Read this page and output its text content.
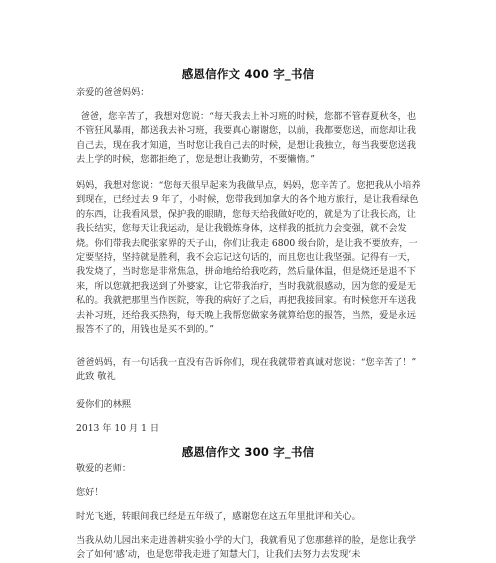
感恩信作文 400 字_书信
亲爱的爸爸妈妈：
爸爸，您辛苦了，我想对您说：“每天我去上补习班的时候，您都不管春夏秋冬，也不管狂风暴雨，都送我去补习班，我要真心谢谢您，以前，我都要您送，而您却让我自己去，现在我才知道，当时您让我自己去的时候，是想让我独立，每当我要您送我去上学的时候，您都拒绝了，您是想让我勤劳，不要懒惰。”
妈妈，我想对您说：“您每天很早起来为我做早点，妈妈，您辛苦了。您把我从小培养到现在，已经过去 9 年了，小时候，您带我到加拿大的各个地方旅行，是让我看绿色的东西，让我看风景，保护我的眼睛，您每天给我做好吃的，就是为了让我长高，让我长结实，您每天让我运动，是让我锻炼身体，这样我的抵抗力会变强，就不会发烧。你们带我去爬张家界的天子山，你们让我走 6800 级台阶，是让我不要放弃，一定要坚持，坚持就是胜利，我不会忘记这句话的，而且您也让我坚强。记得有一天，我发烧了，当时您是非常焦急，拼命地给给我吃药，然后量体温，但是烧还是退不下来，所以您就把我送到了外婆家，让它带我治疗，当时我就很感动，因为您的爱是无私的。我就把那里当作医院，等我的病好了之后，再把我接回家。有时候您开车送我去补习班，还给我买热狗，每天晚上我帮您做家务就算给您的报答，当然，爱是永远报答不了的，用钱也是买不到的。”
爸爸妈妈，有一句话我一直没有告诉你们，现在我就带着真诚对您说：“您辛苦了！” 此致 敬礼
爱你们的林熙
2013 年 10 月 1 日
感恩信作文 300 字_书信
敬爱的老师：
您好！
时光飞逝，转眼间我已经是五年级了，感谢您在这五年里批评和关心。
当我从幼儿园出来走进善耕实验小学的大门，我就看见了您那慈祥的脸，是您让我学会了如何‘感’动，也是您带我走进了知慧大门，让我们去努力去发现‘未
